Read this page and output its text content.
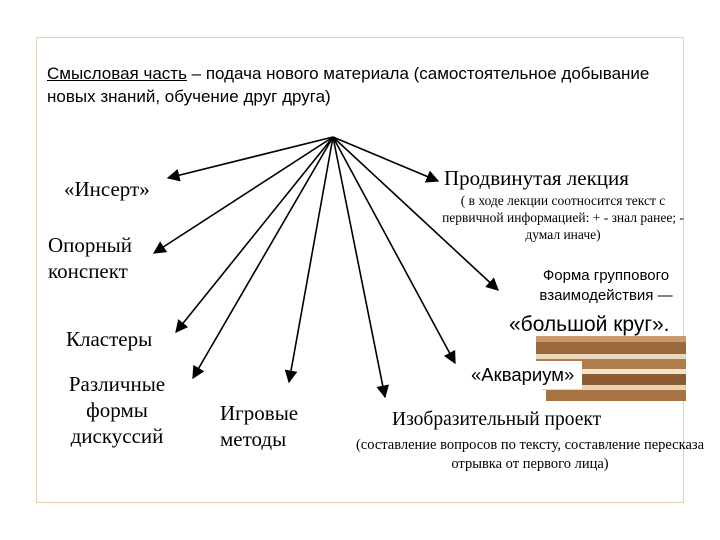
Смысловая часть – подача нового материала (самостоятельное добывание новых знаний, обучение друг друга)
«Инсерт»
Опорный конспект
Кластеры
Различные формы дискуссий
Игровые методы
Продвинутая лекция
( в ходе лекции соотносится текст с первичной информацией: + - знал ранее; - думал иначе)
Форма группового взаимодействия —
«большой круг».
«Аквариум»
Изобразительный проект
(составление вопросов по тексту, составление пересказа отрывка от первого лица)
